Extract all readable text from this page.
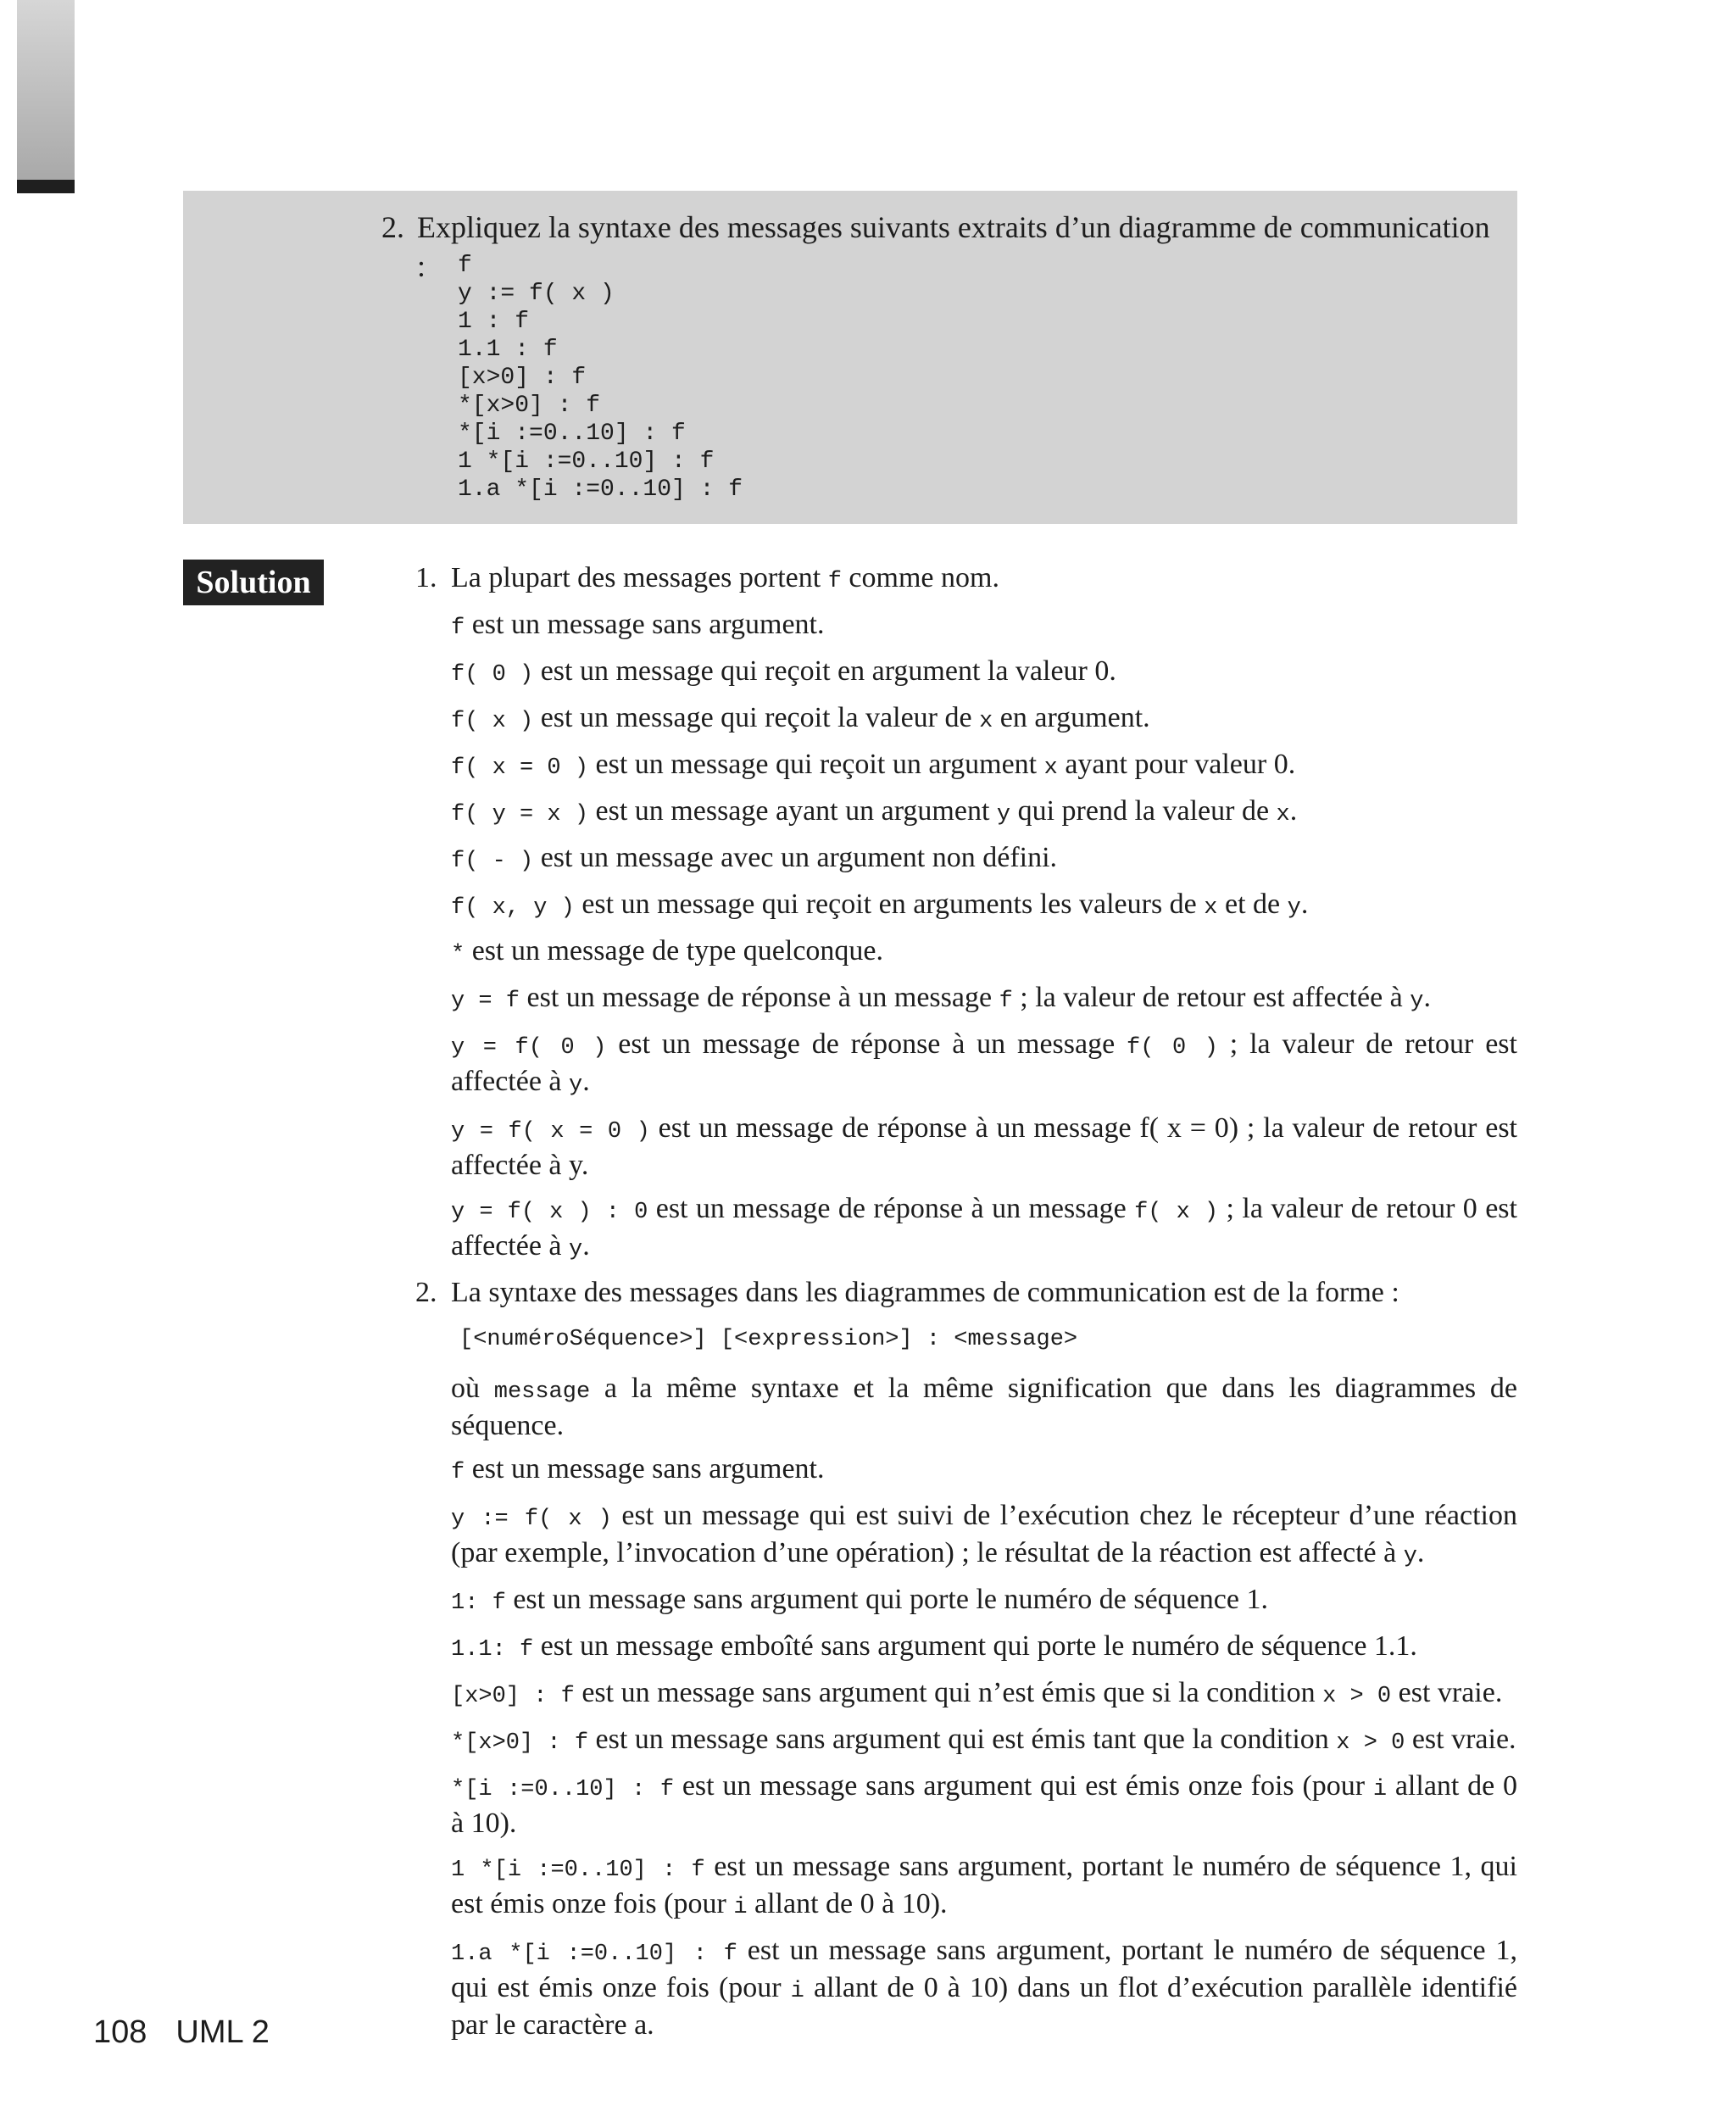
2. Expliquez la syntaxe des messages suivants extraits d’un diagramme de communication :	f
y := f( x )
1 : f
1.1 : f
[x>0] : f
*[x>0] : f
*[i :=0..10] : f
1 *[i :=0..10] : f
1.a *[i :=0..10] : f
Solution	1. La plupart des messages portent f comme nom.

f est un message sans argument.

f( 0 ) est un message qui reçoit en argument la valeur 0.

f( x ) est un message qui reçoit la valeur de x en argument.

f( x = 0 ) est un message qui reçoit un argument x ayant pour valeur 0.

f( y = x ) est un message ayant un argument y qui prend la valeur de x.

f( - ) est un message avec un argument non défini.

f( x, y ) est un message qui reçoit en arguments les valeurs de x et de y.

* est un message de type quelconque.

y = f est un message de réponse à un message f ; la valeur de retour est affectée à y.

y = f( 0 ) est un message de réponse à un message f( 0 ) ; la valeur de retour est affectée à y.

y = f( x = 0 ) est un message de réponse à un message f( x = 0) ; la valeur de retour est affectée à y.

y = f( x ) : 0 est un message de réponse à un message f( x ) ; la valeur de retour 0 est affectée à y.

2. La syntaxe des messages dans les diagrammes de communication est de la forme :

[<numéroSéquence>] [<expression>] : <message>

où message a la même syntaxe et la même signification que dans les diagrammes de séquence.

f est un message sans argument.

y := f( x ) est un message qui est suivi de l’exécution chez le récepteur d’une réaction (par exemple, l’invocation d’une opération) ; le résultat de la réaction est affecté à y.

1: f est un message sans argument qui porte le numéro de séquence 1.

1.1: f est un message emboîté sans argument qui porte le numéro de séquence 1.1.

[x>0] : f est un message sans argument qui n’est émis que si la condition x > 0 est vraie.

*[x>0] : f est un message sans argument qui est émis tant que la condition x > 0 est vraie.

*[i :=0..10] : f est un message sans argument qui est émis onze fois (pour i allant de 0 à 10).

1 *[i :=0..10] : f est un message sans argument, portant le numéro de séquence 1, qui est émis onze fois (pour i allant de 0 à 10).

1.a *[i :=0..10] : f est un message sans argument, portant le numéro de séquence 1, qui est émis onze fois (pour i allant de 0 à 10) dans un flot d’exécution parallèle identifié par le caractère a.

108 UML 2
